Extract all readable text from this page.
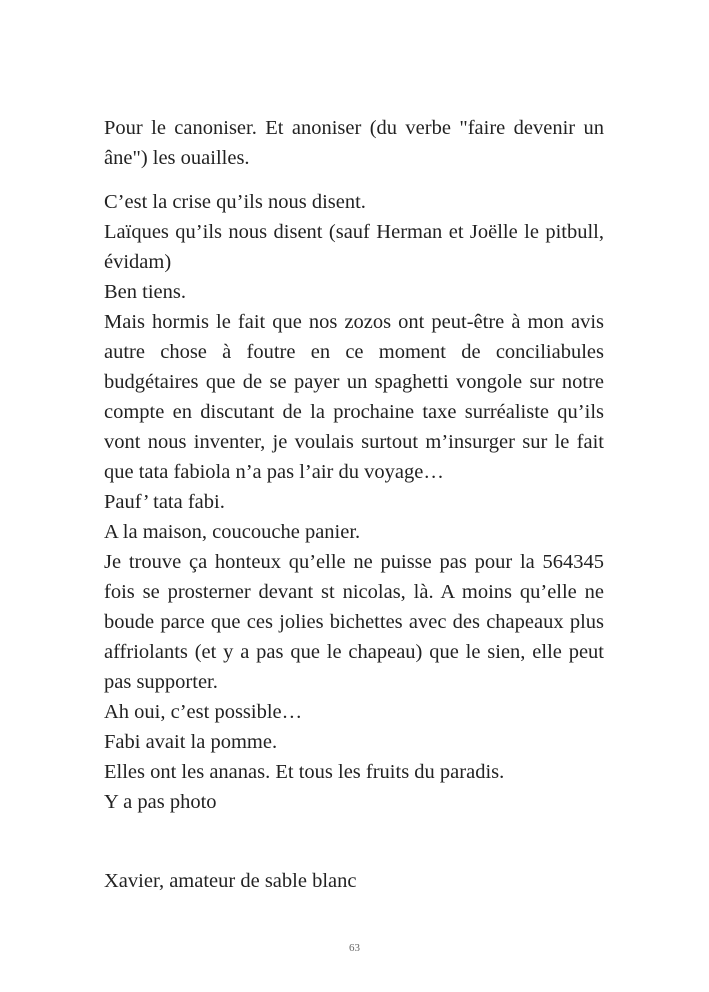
Pour le canoniser. Et anoniser (du verbe "faire devenir un âne") les ouailles.

C’est la crise qu’ils nous disent.

Laïques qu’ils nous disent (sauf Herman et Joëlle le pitbull, évidam)

Ben tiens.

Mais hormis le fait que nos zozos ont peut-être à mon avis autre chose à foutre en ce moment de conciliabules budgétaires que de se payer un spaghetti vongole sur notre compte en discutant de la prochaine taxe surréaliste qu’ils vont nous inventer, je voulais surtout m’insurger sur le fait que tata fabiola n’a pas l’air du voyage…

Pauf’ tata fabi.

A la maison, coucouche panier.

Je trouve ça honteux qu’elle ne puisse pas pour la 564345 fois se prosterner devant st nicolas, là. A moins qu’elle ne boude parce que ces jolies bichettes avec des chapeaux plus affriolants (et y a pas que le chapeau) que le sien, elle peut pas supporter.

Ah oui, c’est possible…

Fabi avait la pomme.

Elles ont les ananas. Et tous les fruits du paradis.

Y a pas photo

Xavier, amateur de sable blanc

63
